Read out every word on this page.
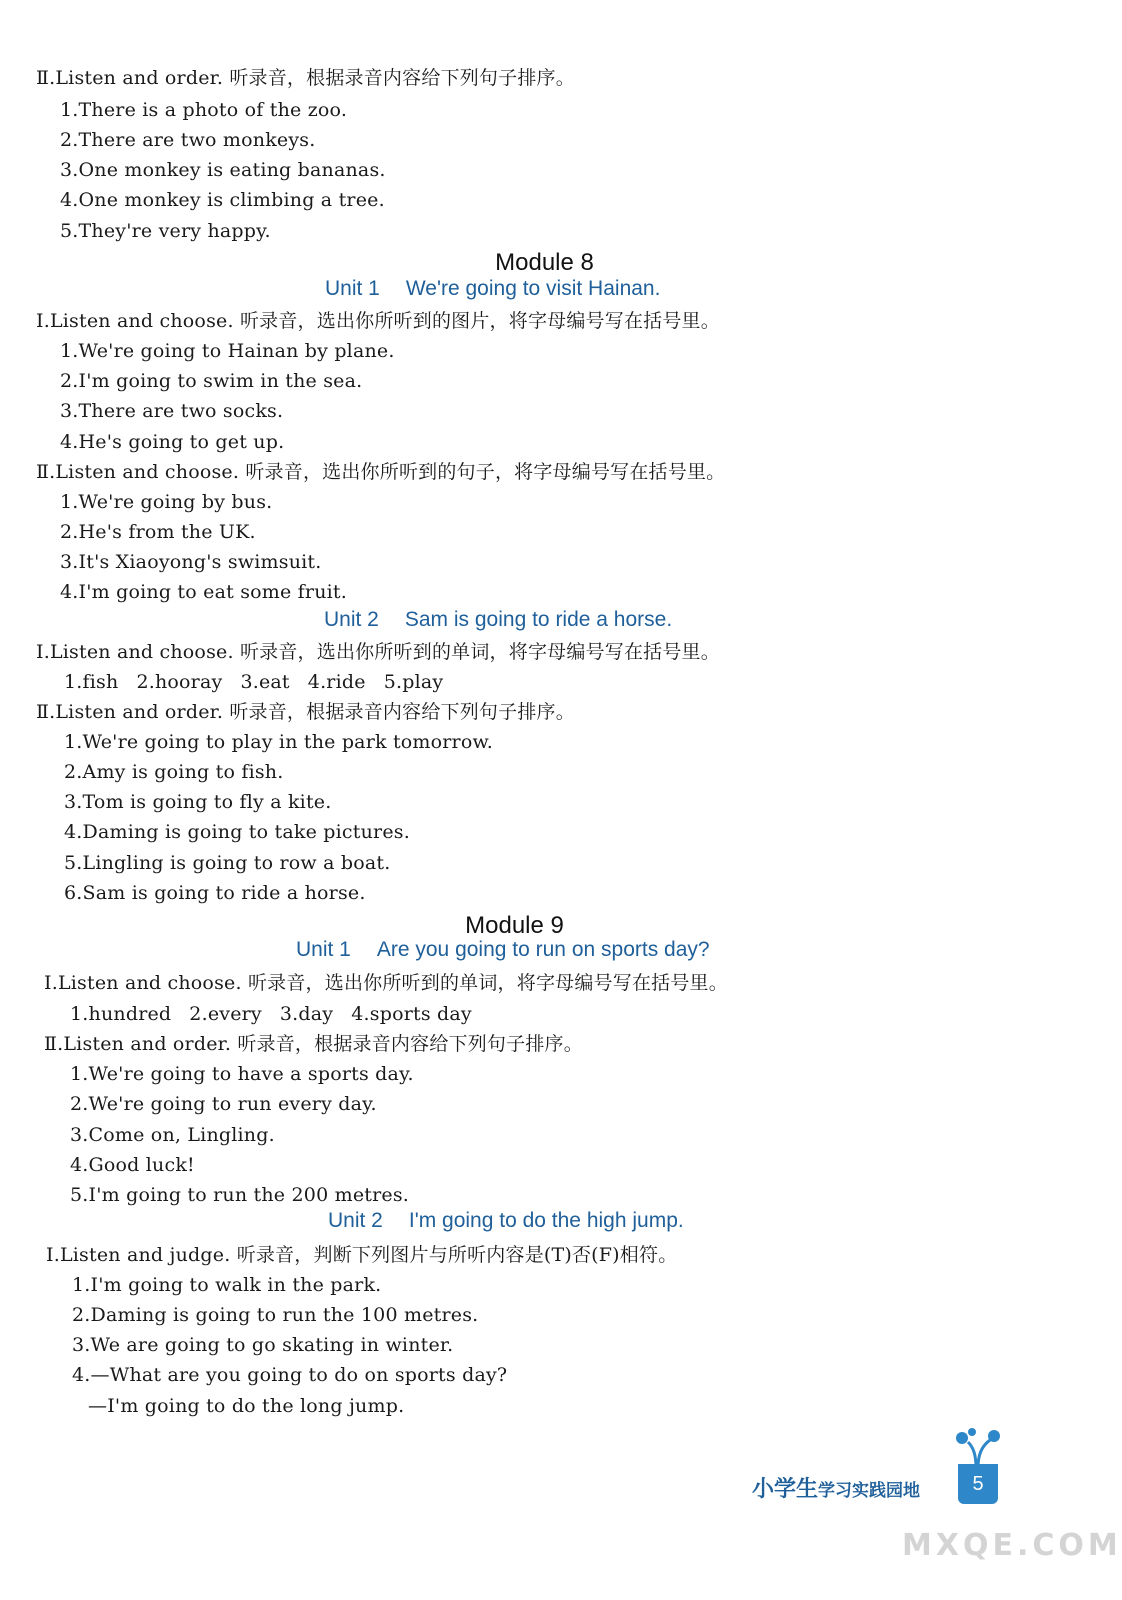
Ⅱ.Listen and order. 听录音，根据录音内容给下列句子排序。
1.There is a photo of the zoo.
2.There are two monkeys.
3.One monkey is eating bananas.
4.One monkey is climbing a tree.
5.They're very happy.
Module 8
Unit 1 We're going to visit Hainan.
Ⅰ.Listen and choose. 听录音，选出你所听到的图片，将字母编号写在括号里。
1.We're going to Hainan by plane.
2.I'm going to swim in the sea.
3.There are two socks.
4.He's going to get up.
Ⅱ.Listen and choose. 听录音，选出你所听到的句子，将字母编号写在括号里。
1.We're going by bus.
2.He's from the UK.
3.It's Xiaoyong's swimsuit.
4.I'm going to eat some fruit.
Unit 2 Sam is going to ride a horse.
Ⅰ.Listen and choose. 听录音，选出你所听到的单词，将字母编号写在括号里。
1.fish 2.hooray 3.eat 4.ride 5.play
Ⅱ.Listen and order. 听录音，根据录音内容给下列句子排序。
1.We're going to play in the park tomorrow.
2.Amy is going to fish.
3.Tom is going to fly a kite.
4.Daming is going to take pictures.
5.Lingling is going to row a boat.
6.Sam is going to ride a horse.
Module 9
Unit 1 Are you going to run on sports day?
Ⅰ.Listen and choose. 听录音，选出你所听到的单词，将字母编号写在括号里。
1.hundred 2.every 3.day 4.sports day
Ⅱ.Listen and order. 听录音，根据录音内容给下列句子排序。
1.We're going to have a sports day.
2.We're going to run every day.
3.Come on, Lingling.
4.Good luck!
5.I'm going to run the 200 metres.
Unit 2 I'm going to do the high jump.
Ⅰ.Listen and judge. 听录音，判断下列图片与所听内容是(T)否(F)相符。
1.I'm going to walk in the park.
2.Daming is going to run the 100 metres.
3.We are going to go skating in winter.
4.—What are you going to do on sports day?
—I'm going to do the long jump.
小学生学习实践园地	5
MXQE.COM
